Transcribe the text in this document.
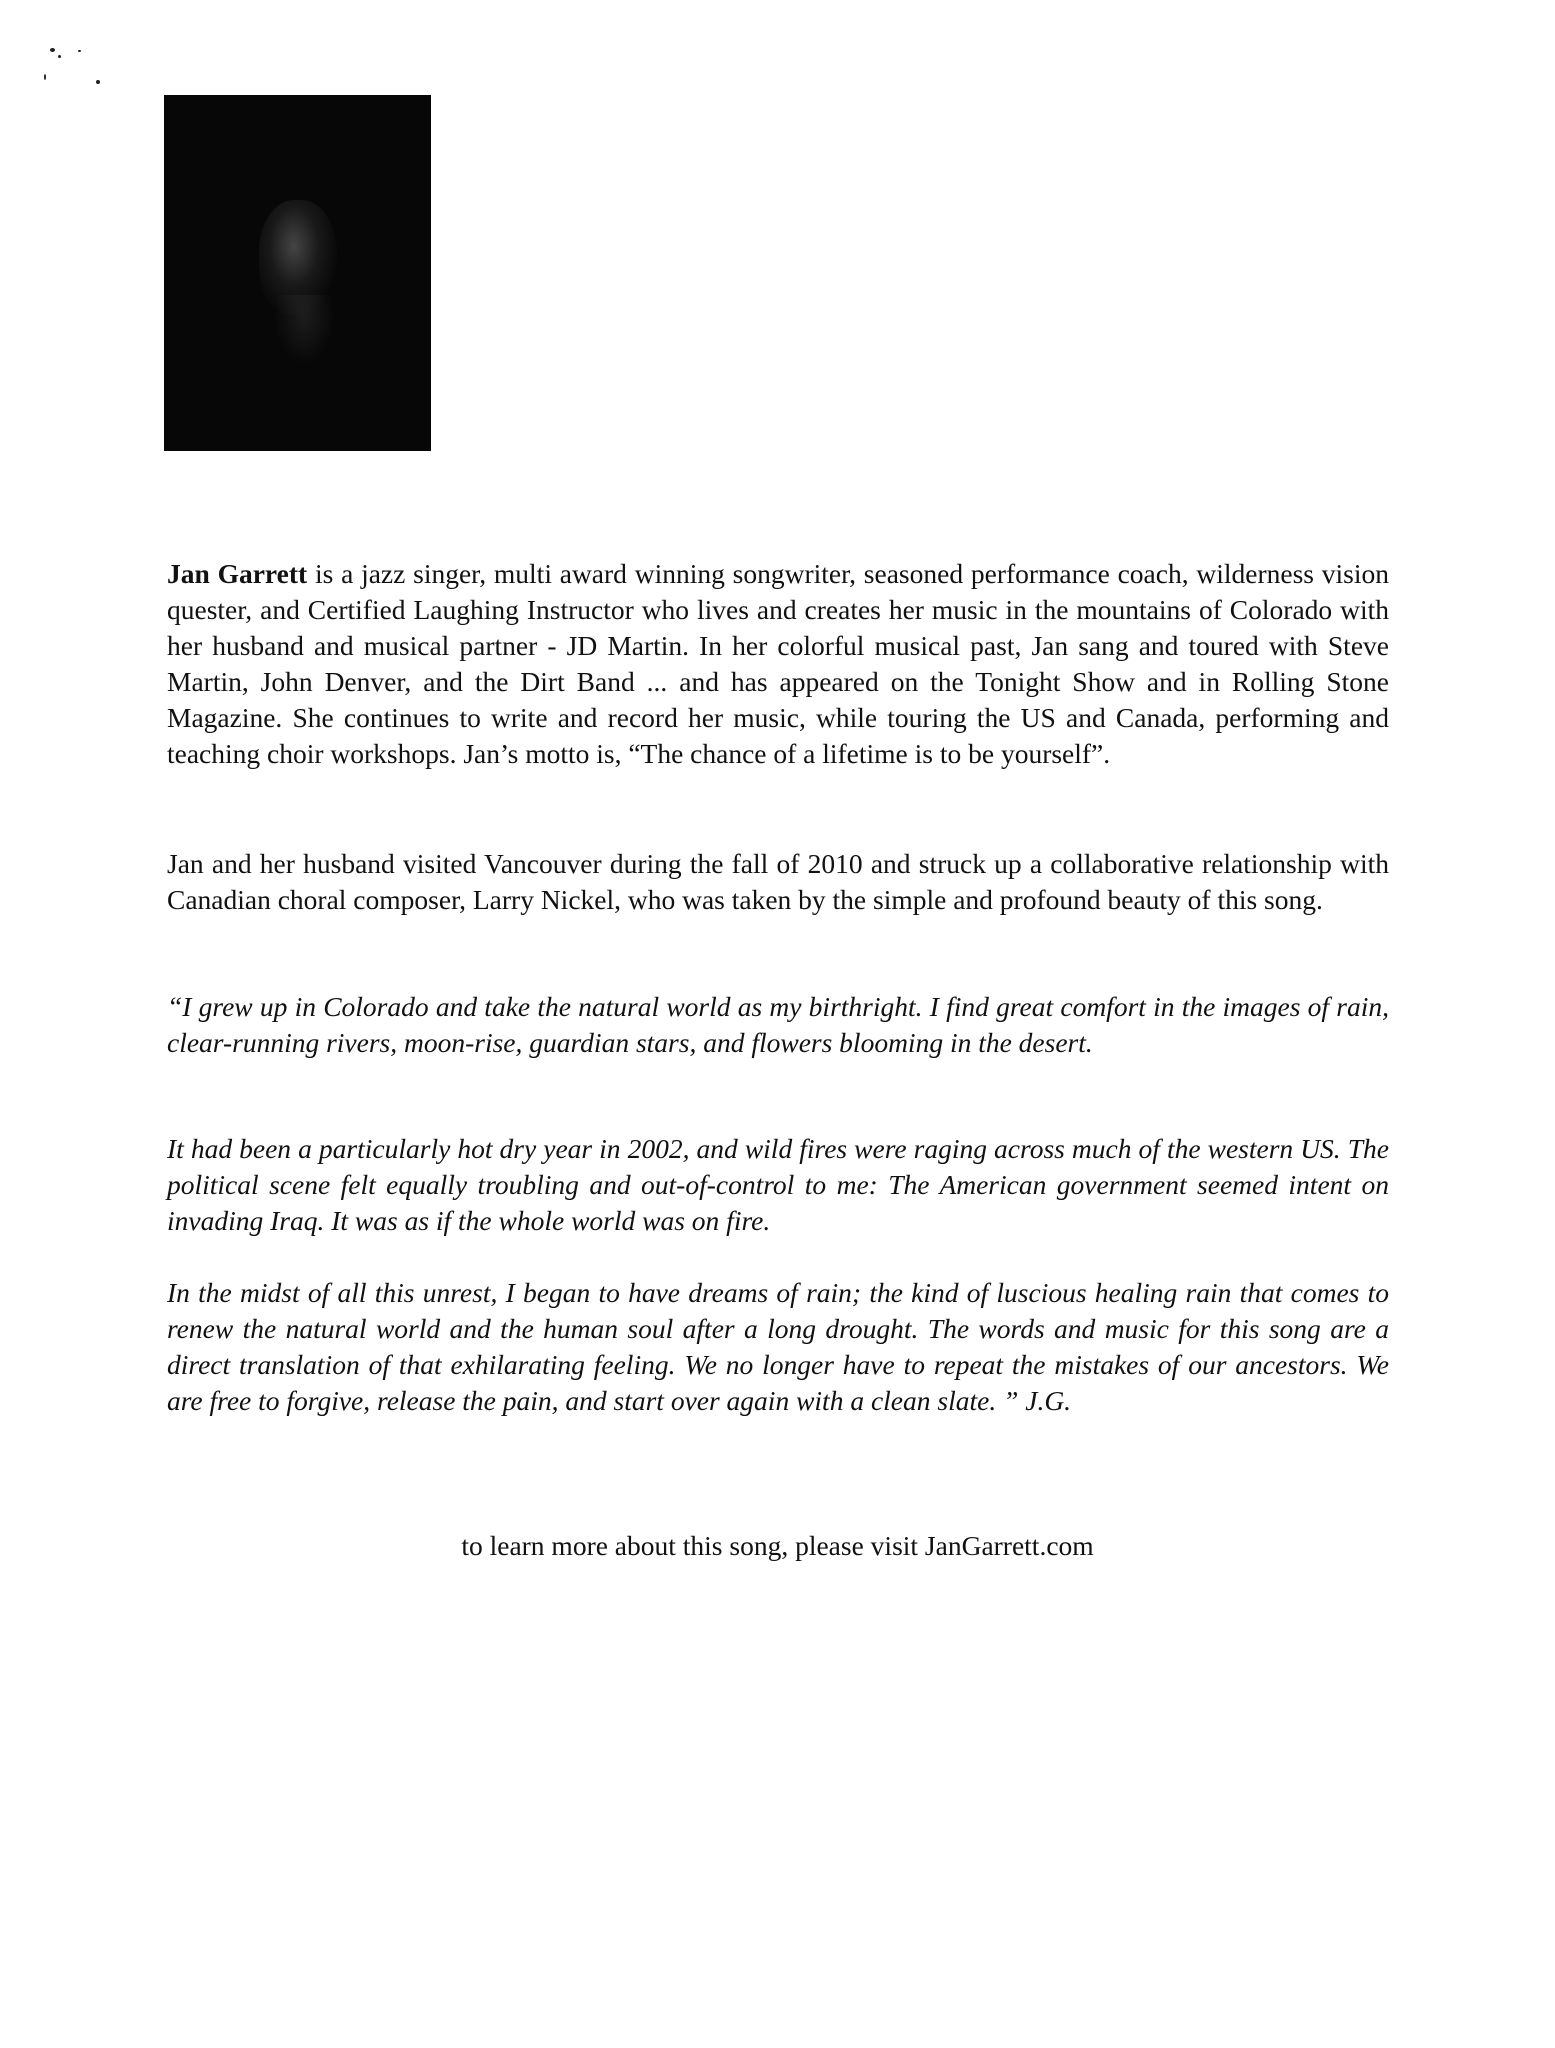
Jan Garrett is a jazz singer, multi award winning songwriter, seasoned performance coach, wilderness vision quester, and Certified Laughing Instructor who lives and creates her music in the mountains of Colorado with her husband and musical partner - JD Martin. In her colorful musical past, Jan sang and toured with Steve Martin, John Denver, and the Dirt Band ... and has appeared on the Tonight Show and in Rolling Stone Magazine. She continues to write and record her music, while touring the US and Canada, performing and teaching choir workshops. Jan’s motto is, “The chance of a lifetime is to be yourself”.

Jan and her husband visited Vancouver during the fall of 2010 and struck up a collaborative relationship with Canadian choral composer, Larry Nickel, who was taken by the simple and profound beauty of this song.

“I grew up in Colorado and take the natural world as my birthright. I find great comfort in the images of rain, clear-running rivers, moon-rise, guardian stars, and flowers blooming in the desert.

It had been a particularly hot dry year in 2002, and wild fires were raging across much of the western US. The political scene felt equally troubling and out-of-control to me: The American government seemed intent on invading Iraq. It was as if the whole world was on fire.

In the midst of all this unrest, I began to have dreams of rain; the kind of luscious healing rain that comes to renew the natural world and the human soul after a long drought. The words and music for this song are a direct translation of that exhilarating feeling. We no longer have to repeat the mistakes of our ancestors. We are free to forgive, release the pain, and start over again with a clean slate. ” J.G.

to learn more about this song, please visit JanGarrett.com
